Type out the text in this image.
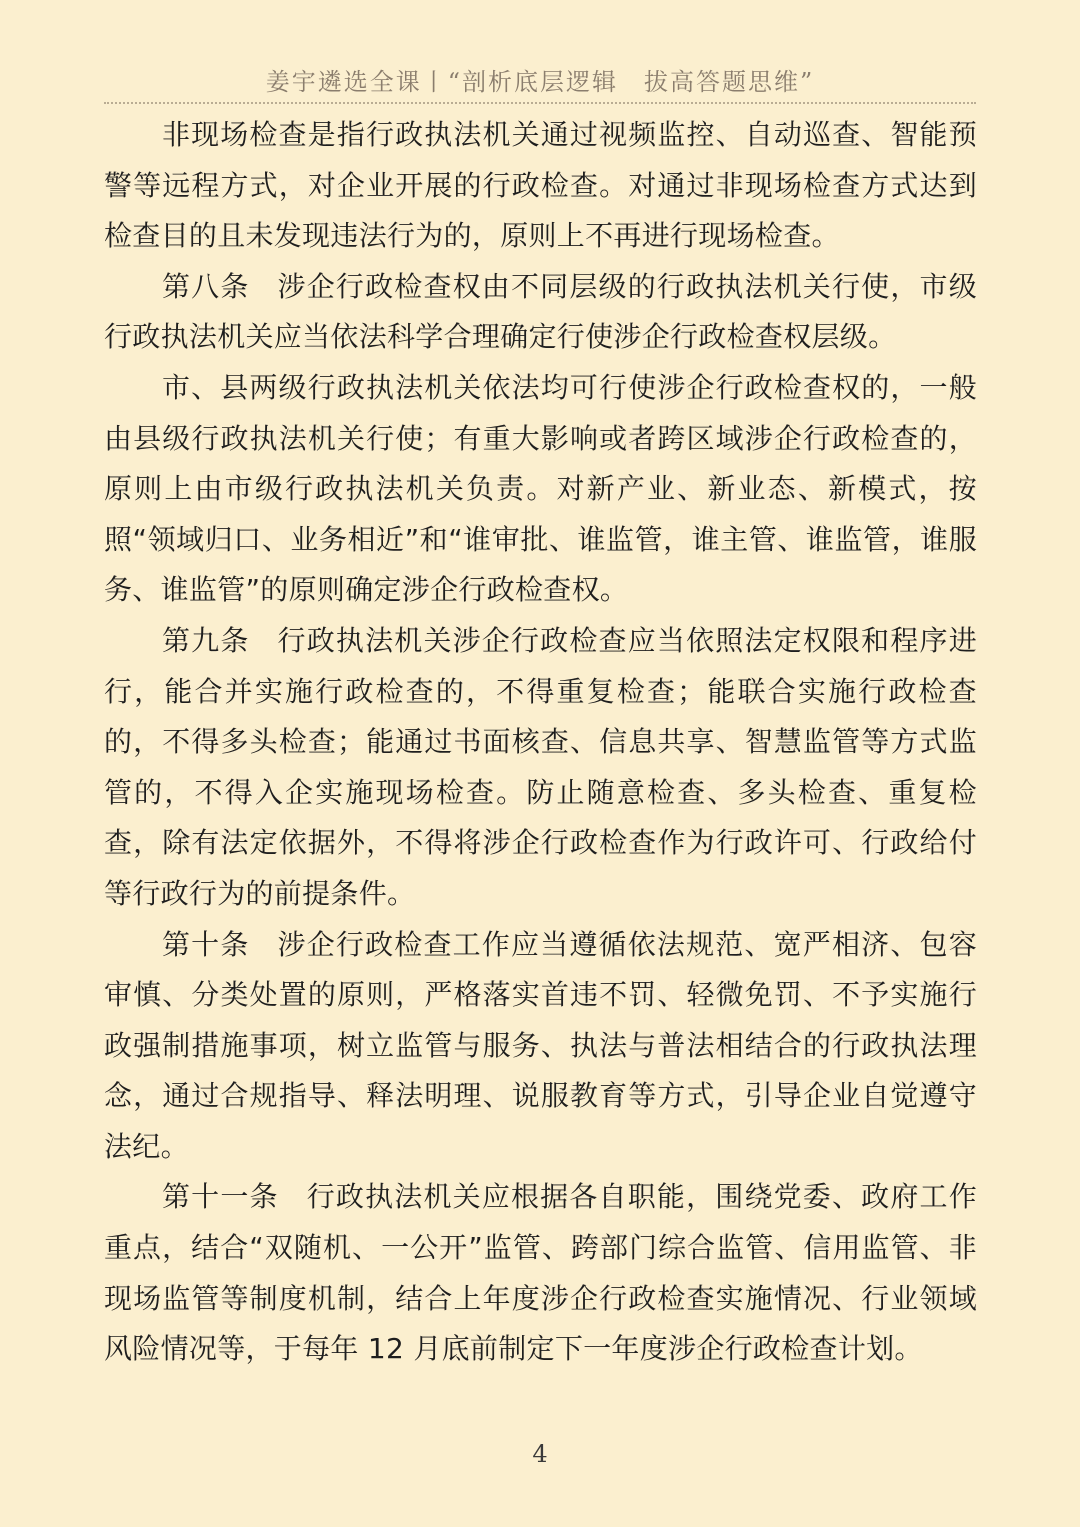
姜宇遴选全课丨“剖析底层逻辑　拔高答题思维”

非现场检查是指行政执法机关通过视频监控、自动巡查、智能预警等远程方式，对企业开展的行政检查。对通过非现场检查方式达到检查目的且未发现违法行为的，原则上不再进行现场检查。

第八条 涉企行政检查权由不同层级的行政执法机关行使，市级行政执法机关应当依法科学合理确定行使涉企行政检查权层级。

市、县两级行政执法机关依法均可行使涉企行政检查权的，一般由县级行政执法机关行使；有重大影响或者跨区域涉企行政检查的，原则上由市级行政执法机关负责。对新产业、新业态、新模式，按照“领域归口、业务相近”和“谁审批、谁监管，谁主管、谁监管，谁服务、谁监管”的原则确定涉企行政检查权。

第九条 行政执法机关涉企行政检查应当依照法定权限和程序进行，能合并实施行政检查的，不得重复检查；能联合实施行政检查的，不得多头检查；能通过书面核查、信息共享、智慧监管等方式监管的，不得入企实施现场检查。防止随意检查、多头检查、重复检查，除有法定依据外，不得将涉企行政检查作为行政许可、行政给付等行政行为的前提条件。

第十条 涉企行政检查工作应当遵循依法规范、宽严相济、包容审慎、分类处置的原则，严格落实首违不罚、轻微免罚、不予实施行政强制措施事项，树立监管与服务、执法与普法相结合的行政执法理念，通过合规指导、释法明理、说服教育等方式，引导企业自觉遵守法纪。

第十一条 行政执法机关应根据各自职能，围绕党委、政府工作重点，结合“双随机、一公开”监管、跨部门综合监管、信用监管、非现场监管等制度机制，结合上年度涉企行政检查实施情况、行业领域风险情况等，于每年 12 月底前制定下一年度涉企行政检查计划。

4
